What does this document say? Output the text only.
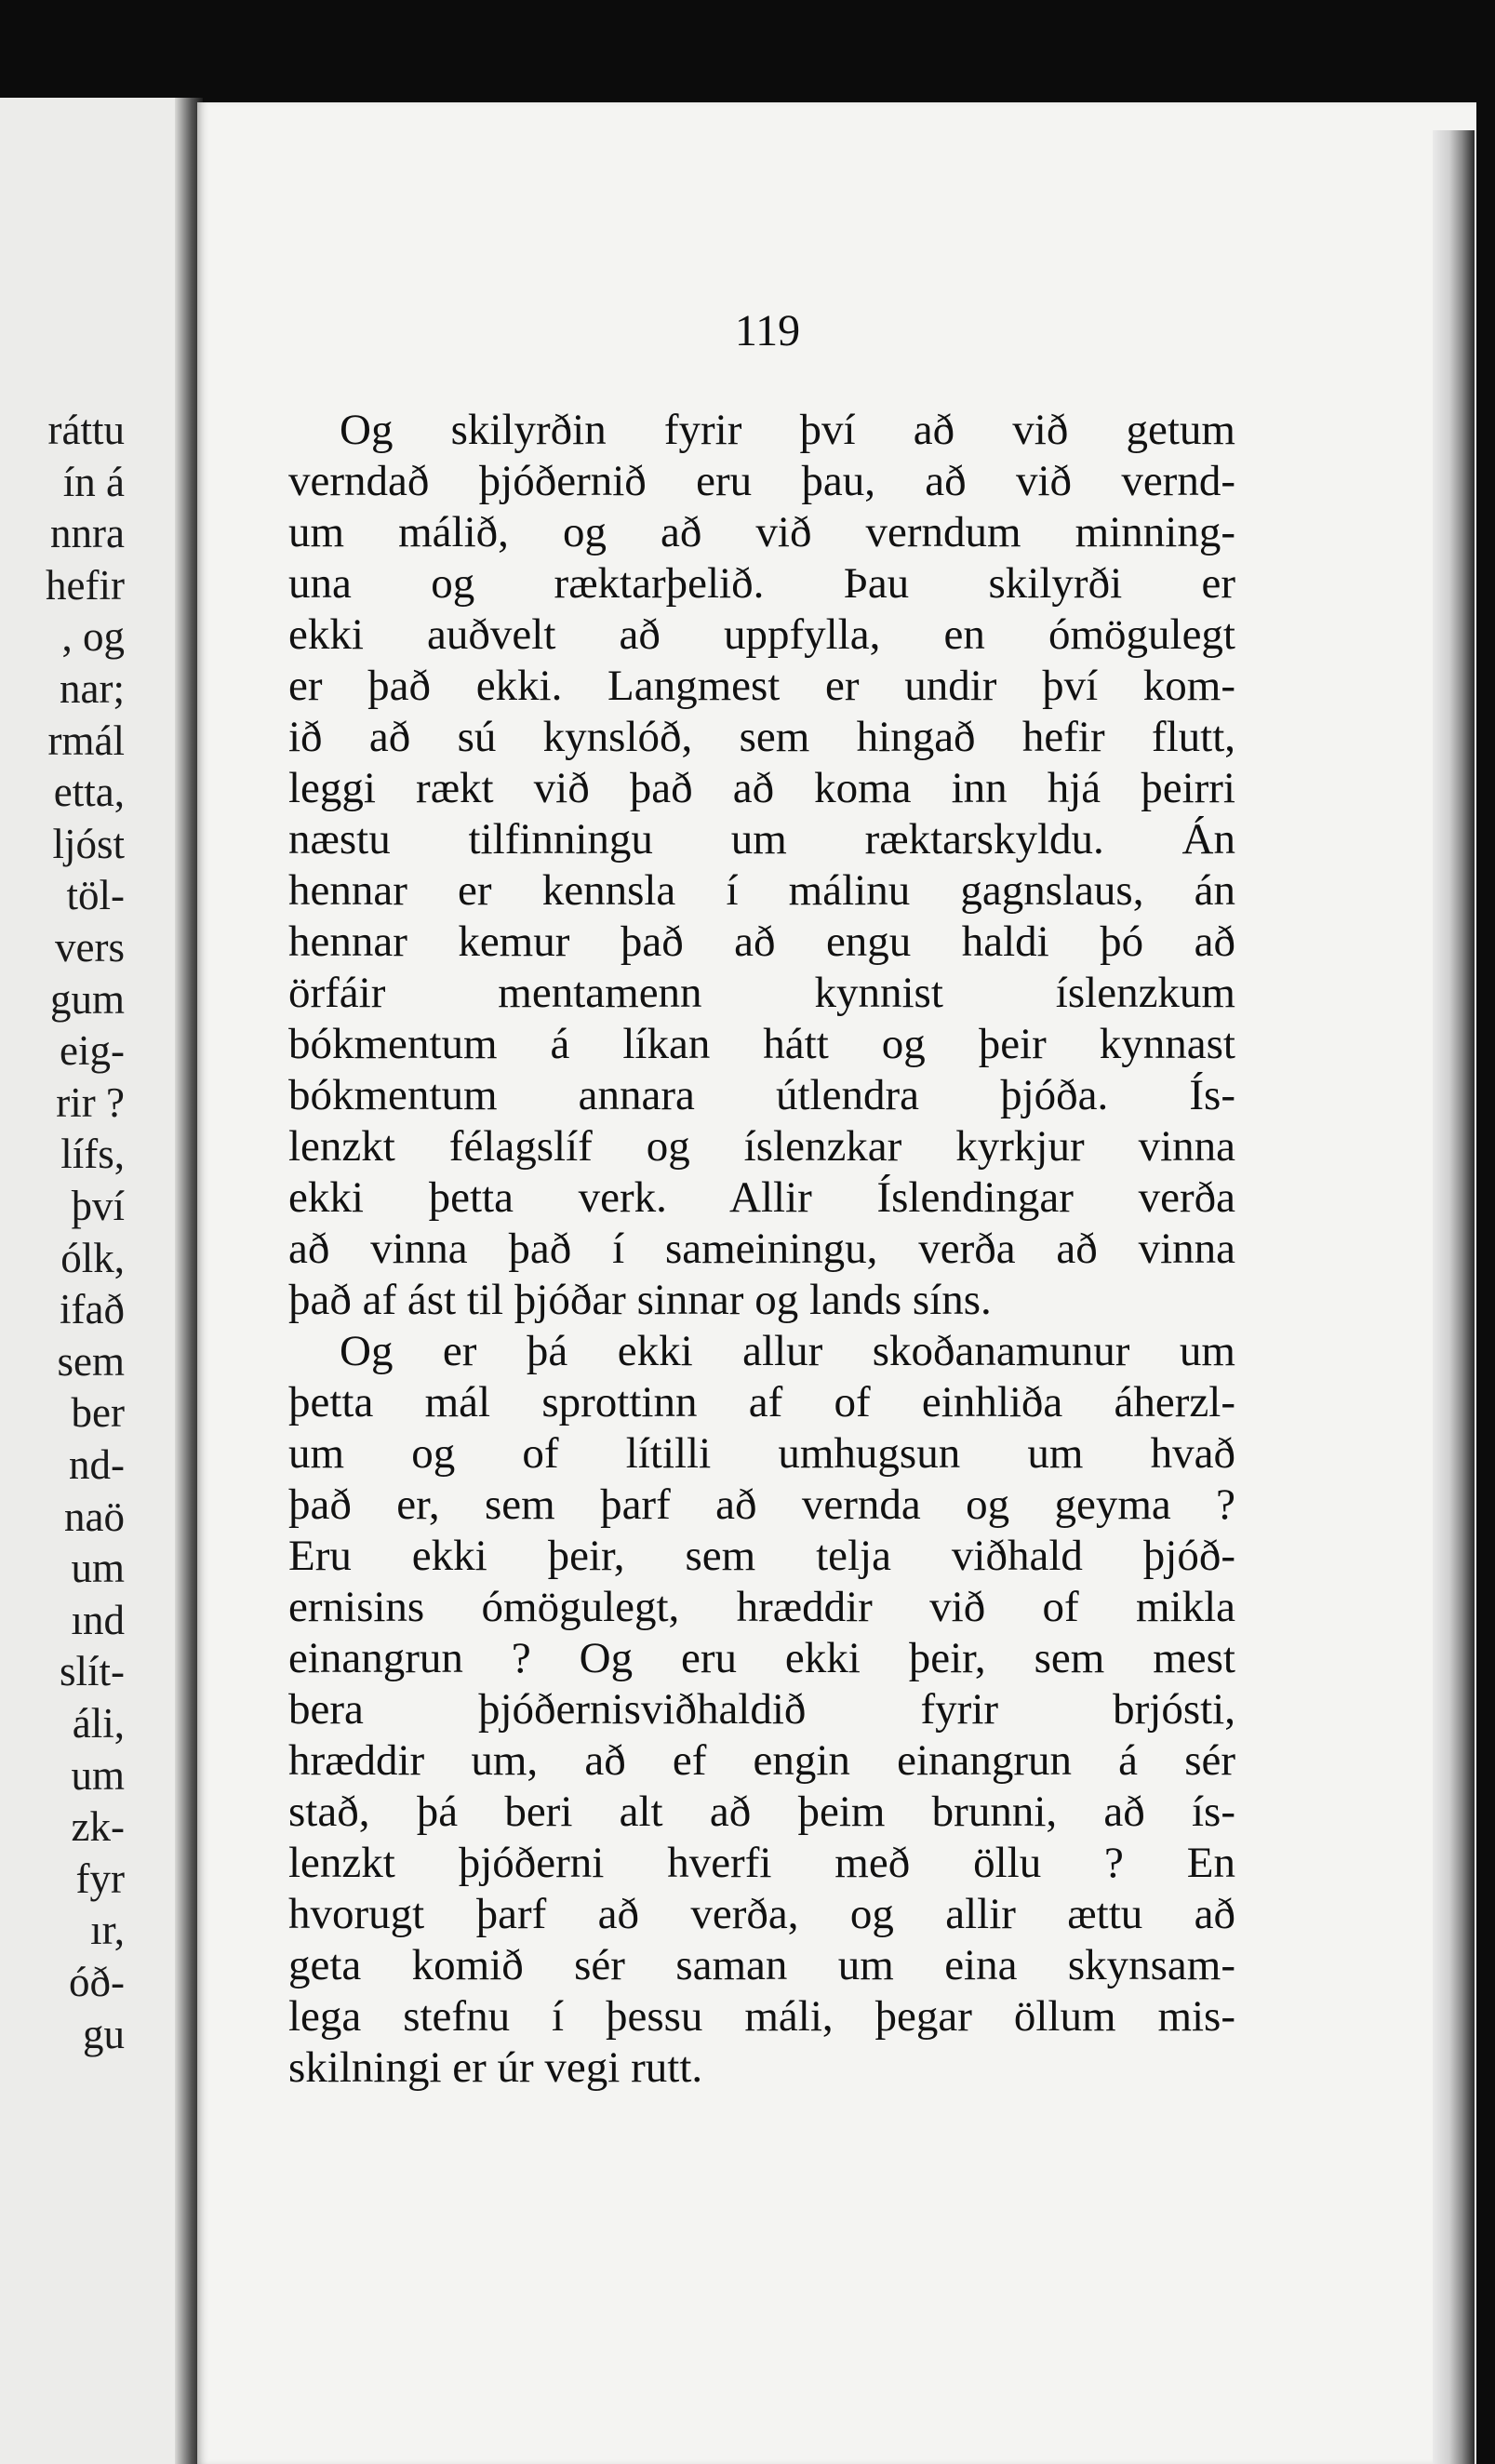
ráttu
ín á
nnra
hefir
, og
nar;
rmál
etta,
ljóst
töl-
vers
gum
eig-
rir ?
lífs,
því
ólk,
ifað
sem
ber
nd-
naö
um
ınd
slít-
áli,
um
zk-
fyr
ır,
óð-
gu
119
Og skilyrðin fyrir því að við getum
verndað þjóðernið eru þau, að við vernd-
um málið, og að við verndum minning-
una og ræktarþelið. Þau skilyrði er
ekki auðvelt að uppfylla, en ómögulegt
er það ekki. Langmest er undir því kom-
ið að sú kynslóð, sem hingað hefir flutt,
leggi rækt við það að koma inn hjá þeirri
næstu tilfinningu um ræktarskyldu. Án
hennar er kennsla í málinu gagnslaus, án
hennar kemur það að engu haldi þó að
örfáir mentamenn kynnist íslenzkum
bókmentum á líkan hátt og þeir kynnast
bókmentum annara útlendra þjóða. Ís-
lenzkt félagslíf og íslenzkar kyrkjur vinna
ekki þetta verk. Allir Íslendingar verða
að vinna það í sameiningu, verða að vinna
það af ást til þjóðar sinnar og lands síns.
Og er þá ekki allur skoðanamunur um
þetta mál sprottinn af of einhliða áherzl-
um og of lítilli umhugsun um hvað
það er, sem þarf að vernda og geyma ?
Eru ekki þeir, sem telja viðhald þjóð-
ernisins ómögulegt, hræddir við of mikla
einangrun ? Og eru ekki þeir, sem mest
bera þjóðernisviðhaldið fyrir brjósti,
hræddir um, að ef engin einangrun á sér
stað, þá beri alt að þeim brunni, að ís-
lenzkt þjóðerni hverfi með öllu ? En
hvorugt þarf að verða, og allir ættu að
geta komið sér saman um eina skynsam-
lega stefnu í þessu máli, þegar öllum mis-
skilningi er úr vegi rutt.
